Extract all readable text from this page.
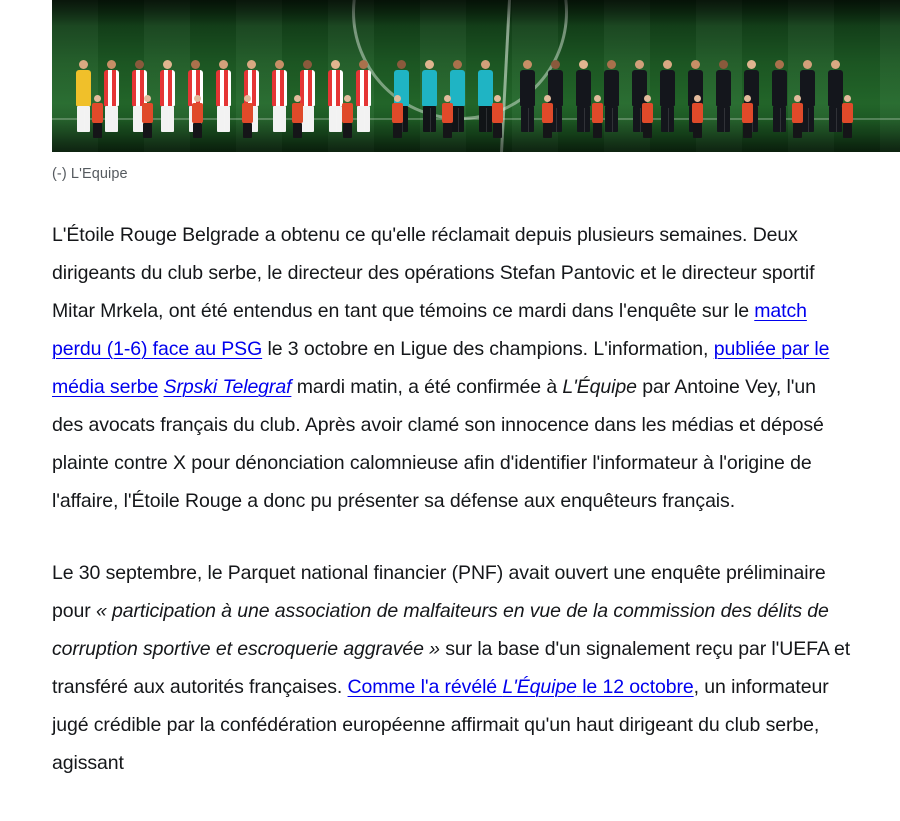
(-) L'Equipe

L'Étoile Rouge Belgrade a obtenu ce qu'elle réclamait depuis plusieurs semaines. Deux dirigeants du club serbe, le directeur des opérations Stefan Pantovic et le directeur sportif Mitar Mrkela, ont été entendus en tant que témoins ce mardi dans l'enquête sur le match perdu (1-6) face au PSG le 3 octobre en Ligue des champions. L'information, publiée par le média serbe Srpski Telegraf mardi matin, a été confirmée à L'Équipe par Antoine Vey, l'un des avocats français du club. Après avoir clamé son innocence dans les médias et déposé plainte contre X pour dénonciation calomnieuse afin d'identifier l'informateur à l'origine de l'affaire, l'Étoile Rouge a donc pu présenter sa défense aux enquêteurs français.

Le 30 septembre, le Parquet national financier (PNF) avait ouvert une enquête préliminaire pour « participation à une association de malfaiteurs en vue de la commission des délits de corruption sportive et escroquerie aggravée » sur la base d'un signalement reçu par l'UEFA et transféré aux autorités françaises. Comme l'a révélé L'Équipe le 12 octobre, un informateur jugé crédible par la confédération européenne affirmait qu'un haut dirigeant du club serbe, agissant
